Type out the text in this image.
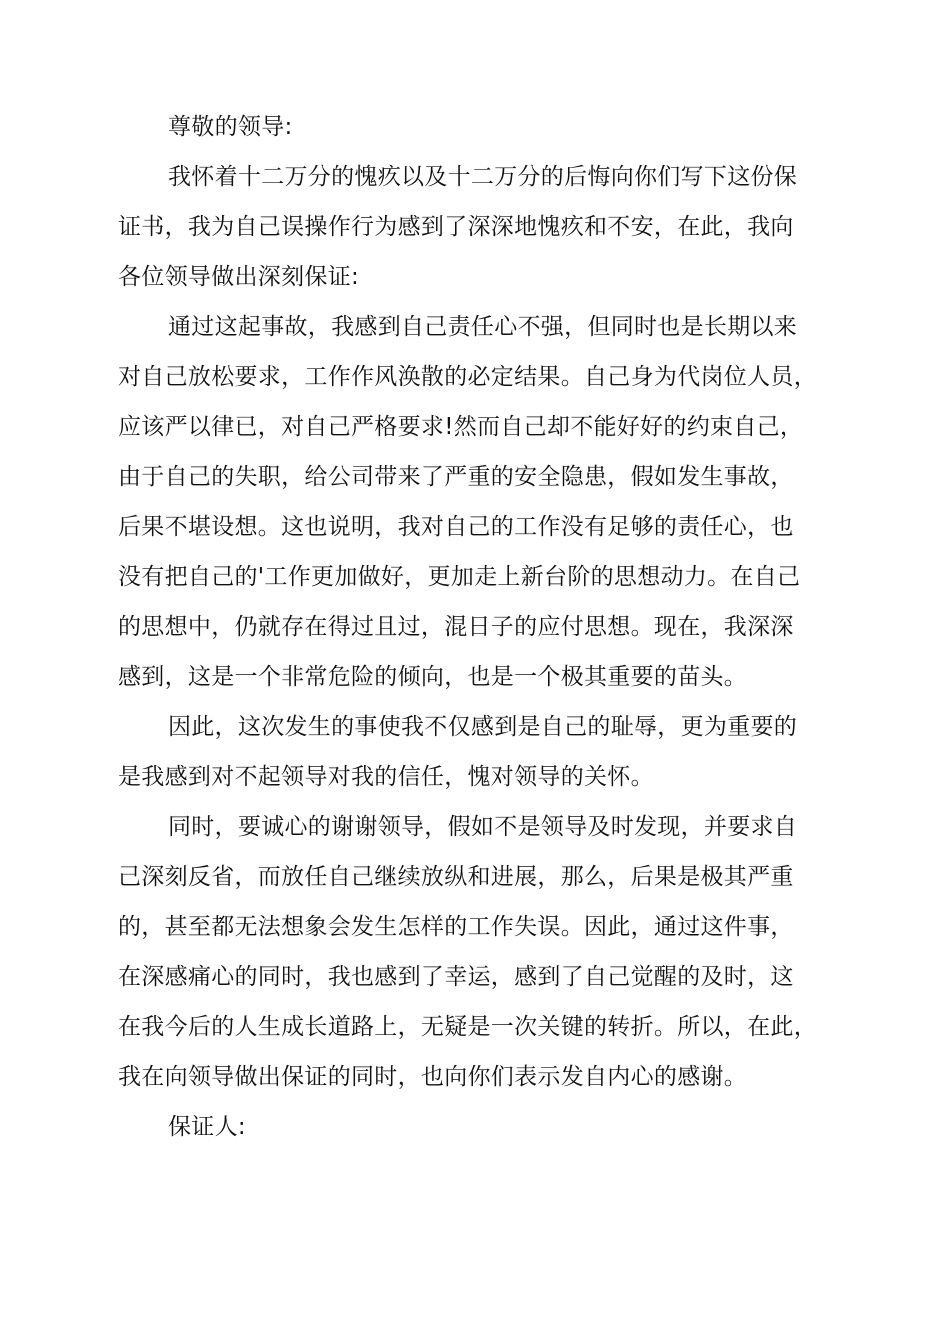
尊敬的领导:

我怀着十二万分的愧疚以及十二万分的后悔向你们写下这份保

证书，我为自己误操作行为感到了深深地愧疚和不安，在此，我向

各位领导做出深刻保证:

通过这起事故，我感到自己责任心不强，但同时也是长期以来

对自己放松要求，工作作风涣散的必定结果。自己身为代岗位人员，

应该严以律已，对自己严格要求!然而自己却不能好好的约束自己，

由于自己的失职，给公司带来了严重的安全隐患，假如发生事故，

后果不堪设想。这也说明，我对自己的工作没有足够的责任心，也

没有把自己的'工作更加做好，更加走上新台阶的思想动力。在自己

的思想中，仍就存在得过且过，混日子的应付思想。现在，我深深

感到，这是一个非常危险的倾向，也是一个极其重要的苗头。

因此，这次发生的事使我不仅感到是自己的耻辱，更为重要的

是我感到对不起领导对我的信任，愧对领导的关怀。

同时，要诚心的谢谢领导，假如不是领导及时发现，并要求自

己深刻反省，而放任自己继续放纵和进展，那么，后果是极其严重

的，甚至都无法想象会发生怎样的工作失误。因此，通过这件事，

在深感痛心的同时，我也感到了幸运，感到了自己觉醒的及时，这

在我今后的人生成长道路上，无疑是一次关键的转折。所以，在此，

我在向领导做出保证的同时，也向你们表示发自内心的感谢。

保证人:
